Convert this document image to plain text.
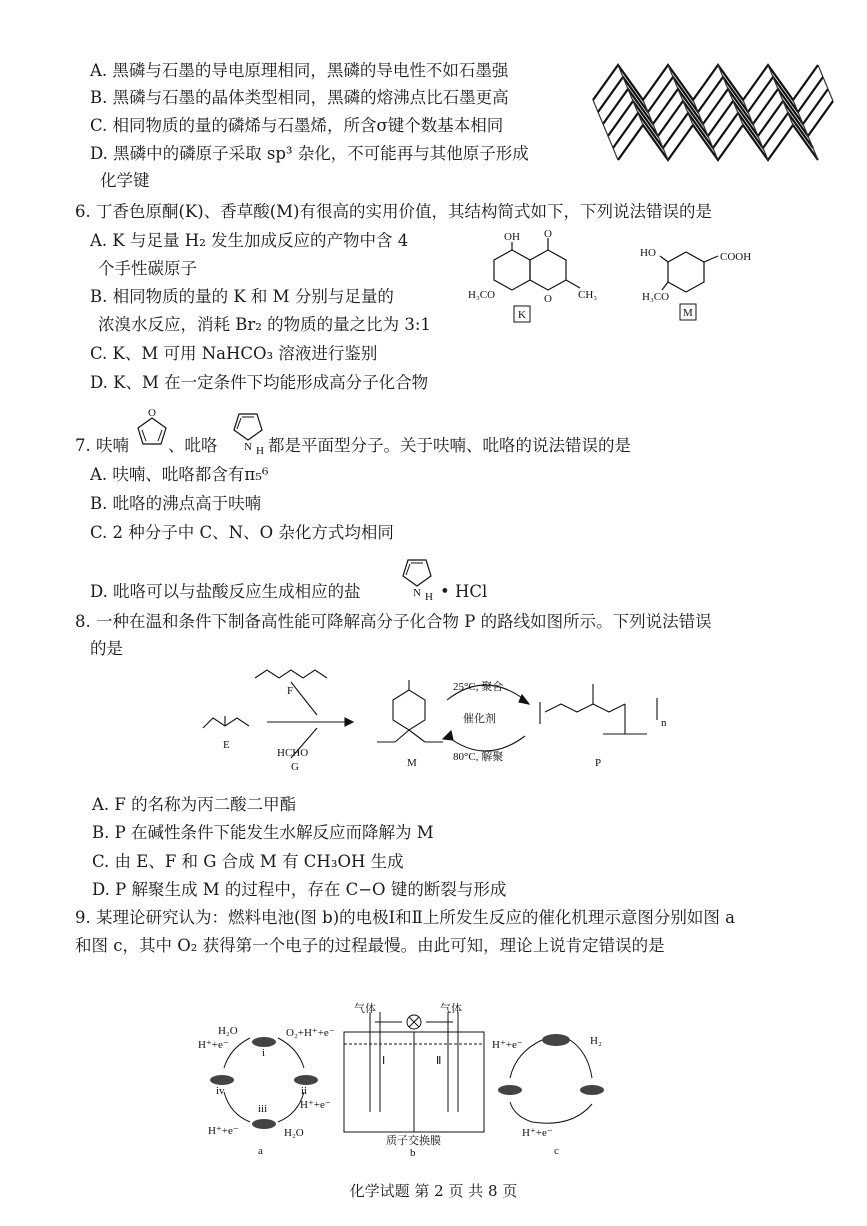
A. 黑磷与石墨的导电原理相同，黑磷的导电性不如石墨强
B. 黑磷与石墨的晶体类型相同，黑磷的熔沸点比石墨更高
C. 相同物质的量的磷烯与石墨烯，所含σ键个数基本相同
D. 黑磷中的磷原子采取 sp³ 杂化，不可能再与其他原子形成
化学键
6. 丁香色原酮(K)、香草酸(M)有很高的实用价值，其结构简式如下，下列说法错误的是
A. K 与足量 H₂ 发生加成反应的产物中含 4
个手性碳原子
B. 相同物质的量的 K 和 M 分别与足量的
浓溴水反应，消耗 Br₂ 的物质的量之比为 3:1
C. K、M 可用 NaHCO₃ 溶液进行鉴别
D. K、M 在一定条件下均能形成高分子化合物
OH O
O CH₃
H₃CO
K
HO	COOH
H₃CO
M
7. 呋喃
O
、吡咯 N H 都是平面型分子。关于呋喃、吡咯的说法错误的是
A. 呋喃、吡咯都含有π₅⁶
B. 吡咯的沸点高于呋喃
C. 2 种分子中 C、N、O 杂化方式均相同
D. 吡咯可以与盐酸反应生成相应的盐	N H • HCl
8. 一种在温和条件下制备高性能可降解高分子化合物 P 的路线如图所示。下列说法错误
的是
E
F
HCHO
G	M
25°C, 聚合
催化剂
80°C, 解聚
n
P
A. F 的名称为丙二酸二甲酯
B. P 在碱性条件下能发生水解反应而降解为 M
C. 由 E、F 和 G 合成 M 有 CH₃OH 生成
D. P 解聚生成 M 的过程中，存在 C−O 键的断裂与形成
9. 某理论研究认为：燃料电池(图 b)的电极Ⅰ和Ⅱ上所发生反应的催化机理示意图分别如图 a
和图 c，其中 O₂ 获得第一个电子的过程最慢。由此可知，理论上说肯定错误的是
H₂O	O₂+H⁺+e⁻
H⁺+e⁻
H⁺+e⁻
H⁺+e⁻	H₂O
i
ii
iii
iv
a
气体	气体
Ⅰ	Ⅱ
质子交换膜
b
H⁺+e⁻	H₂
H⁺+e⁻
c
化学试题 第 2 页 共 8 页
